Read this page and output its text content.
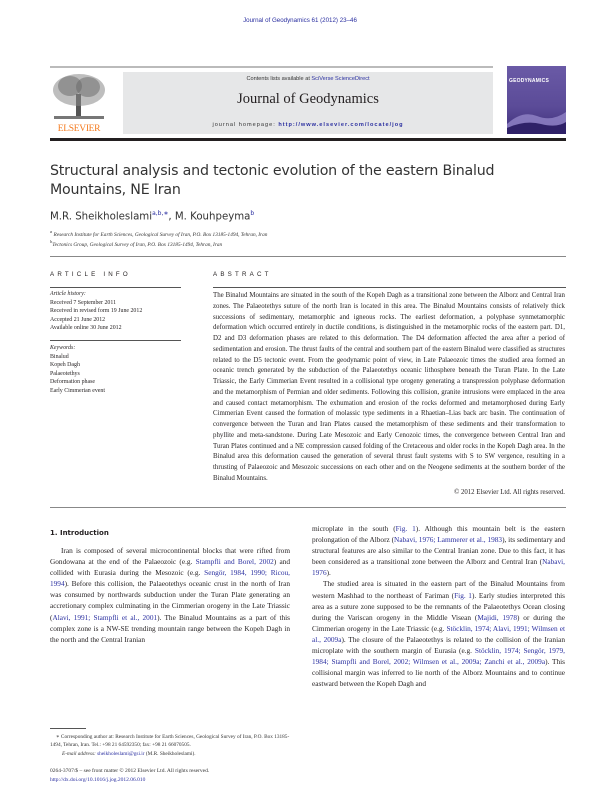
Journal of Geodynamics 61 (2012) 23–46
ELSEVIER
Contents lists available at SciVerse ScienceDirect
Journal of Geodynamics
journal homepage: http://www.elsevier.com/locate/jog
GEODYNAMICS
Structural analysis and tectonic evolution of the eastern Binalud Mountains, NE Iran
M.R. Sheikholeslami$^{a,b,∗}$, M. Kouhpeyma$^b$
$^a$ Research Institute for Earth Sciences, Geological Survey of Iran, P.O. Box 13185-1494, Tehran, Iran
$^b$Tectonics Group, Geological Survey of Iran, P.O. Box 13185-1494, Tehran, Iran
ARTICLE INFO	ABSTRACT
Article history:
Received 7 September 2011
Received in revised form 19 June 2012
Accepted 21 June 2012
Available online 30 June 2012
Keywords:
Binalud
Kopeh Dagh
Palaeotethys
Deformation phase
Early Cimmerian event
The Binalud Mountains are situated in the south of the Kopeh Dagh as a transitional zone between the Alborz and Central Iran zones. The Palaeotethys suture of the north Iran is located in this area. The Binalud Mountains consists of relatively thick successions of sedimentary, metamorphic and igneous rocks. The earliest deformation, a polyphase synmetamorphic deformation which occurred entirely in ductile conditions, is distinguished in the metamorphic rocks of the eastern part. D1, D2 and D3 deformation phases are related to this deformation. The D4 deformation affected the area after a period of sedimentation and erosion. The thrust faults of the central and southern part of the eastern Binalud were classified as structures related to the D5 tectonic event. From the geodynamic point of view, in Late Palaeozoic times the studied area formed an oceanic trench generated by the subduction of the Palaeotethys oceanic lithosphere beneath the Turan Plate. In the Late Triassic, the Early Cimmerian Event resulted in a collisional type orogeny generating a transpression polyphase deformation and the metamorphism of Permian and older sediments. Following this collision, granite intrusions were emplaced in the area and caused contact metamorphism. The exhumation and erosion of the rocks deformed and metamorphosed during Early Cimmerian Event caused the formation of molassic type sediments in a Rhaetian–Lias back arc basin. The continuation of convergence between the Turan and Iran Plates caused the metamorphism of these sediments and their transformation to phyllite and meta-sandstone. During Late Mesozoic and Early Cenozoic times, the convergence between Central Iran and Turan Plates continued and a NE compression caused folding of the Cretaceous and older rocks in the Kopeh Dagh area. In the Binalud area this deformation caused the generation of several thrust fault systems with S to SW vergence, resulting in a thrusting of Palaeozoic and Mesozoic successions on each other and on the Neogene sediments at the southern border of the Binalud Mountains.
© 2012 Elsevier Ltd. All rights reserved.
1. Introduction

Iran is composed of several microcontinental blocks that were rifted from Gondowana at the end of the Palaeozoic (e.g. Stampfli and Borel, 2002) and collided with Eurasia during the Mesozoic (e.g. Sengör, 1984, 1990; Ricou, 1994). Before this collision, the Palaeotethys oceanic crust in the north of Iran was consumed by northwards subduction under the Turan Plate generating an accretionary complex culminating in the Cimmerian orogeny in the Late Triassic (Alavi, 1991; Stampfli et al., 2001). The Binalud Mountains as a part of this complex zone is a NW-SE trending mountain range between the Kopeh Dagh in the north and the Central Iranian

∗ Corresponding author at: Research Institute for Earth Sciences, Geological Survey of Iran, P.O. Box 13185-1494, Tehran, Iran. Tel.: +98 21 64592350; fax: +98 21 66070505.
E-mail address: sheikholeslami@gsi.ir (M.R. Sheikholeslami).
0264-3707/$ – see front matter © 2012 Elsevier Ltd. All rights reserved.
http://dx.doi.org/10.1016/j.jog.2012.06.010

microplate in the south (Fig. 1). Although this mountain belt is the eastern prolongation of the Alborz (Nabavi, 1976; Lammerer et al., 1983), its sedimentary and structural features are also similar to the Central Iranian zone. Due to this fact, it has been considered as a transitional zone between the Alborz and Central Iran (Nabavi, 1976).

The studied area is situated in the eastern part of the Binalud Mountains from western Mashhad to the northeast of Fariman (Fig. 1). Early studies interpreted this area as a suture zone supposed to be the remnants of the Palaeotethys Ocean closing during the Variscan orogeny in the Middle Visean (Majidi, 1978) or during the Cimmerian orogeny in the Late Triassic (e.g. Stöcklin, 1974; Alavi, 1991; Wilmsen et al., 2009a). The closure of the Palaeotethys is related to the collision of the Iranian microplate with the southern margin of Eurasia (e.g. Stöcklin, 1974; Sengör, 1979, 1984; Stampfli and Borel, 2002; Wilmsen et al., 2009a; Zanchi et al., 2009a). This collisional margin was inferred to lie north of the Alborz Mountains and to continue eastward between the Kopeh Dagh and
